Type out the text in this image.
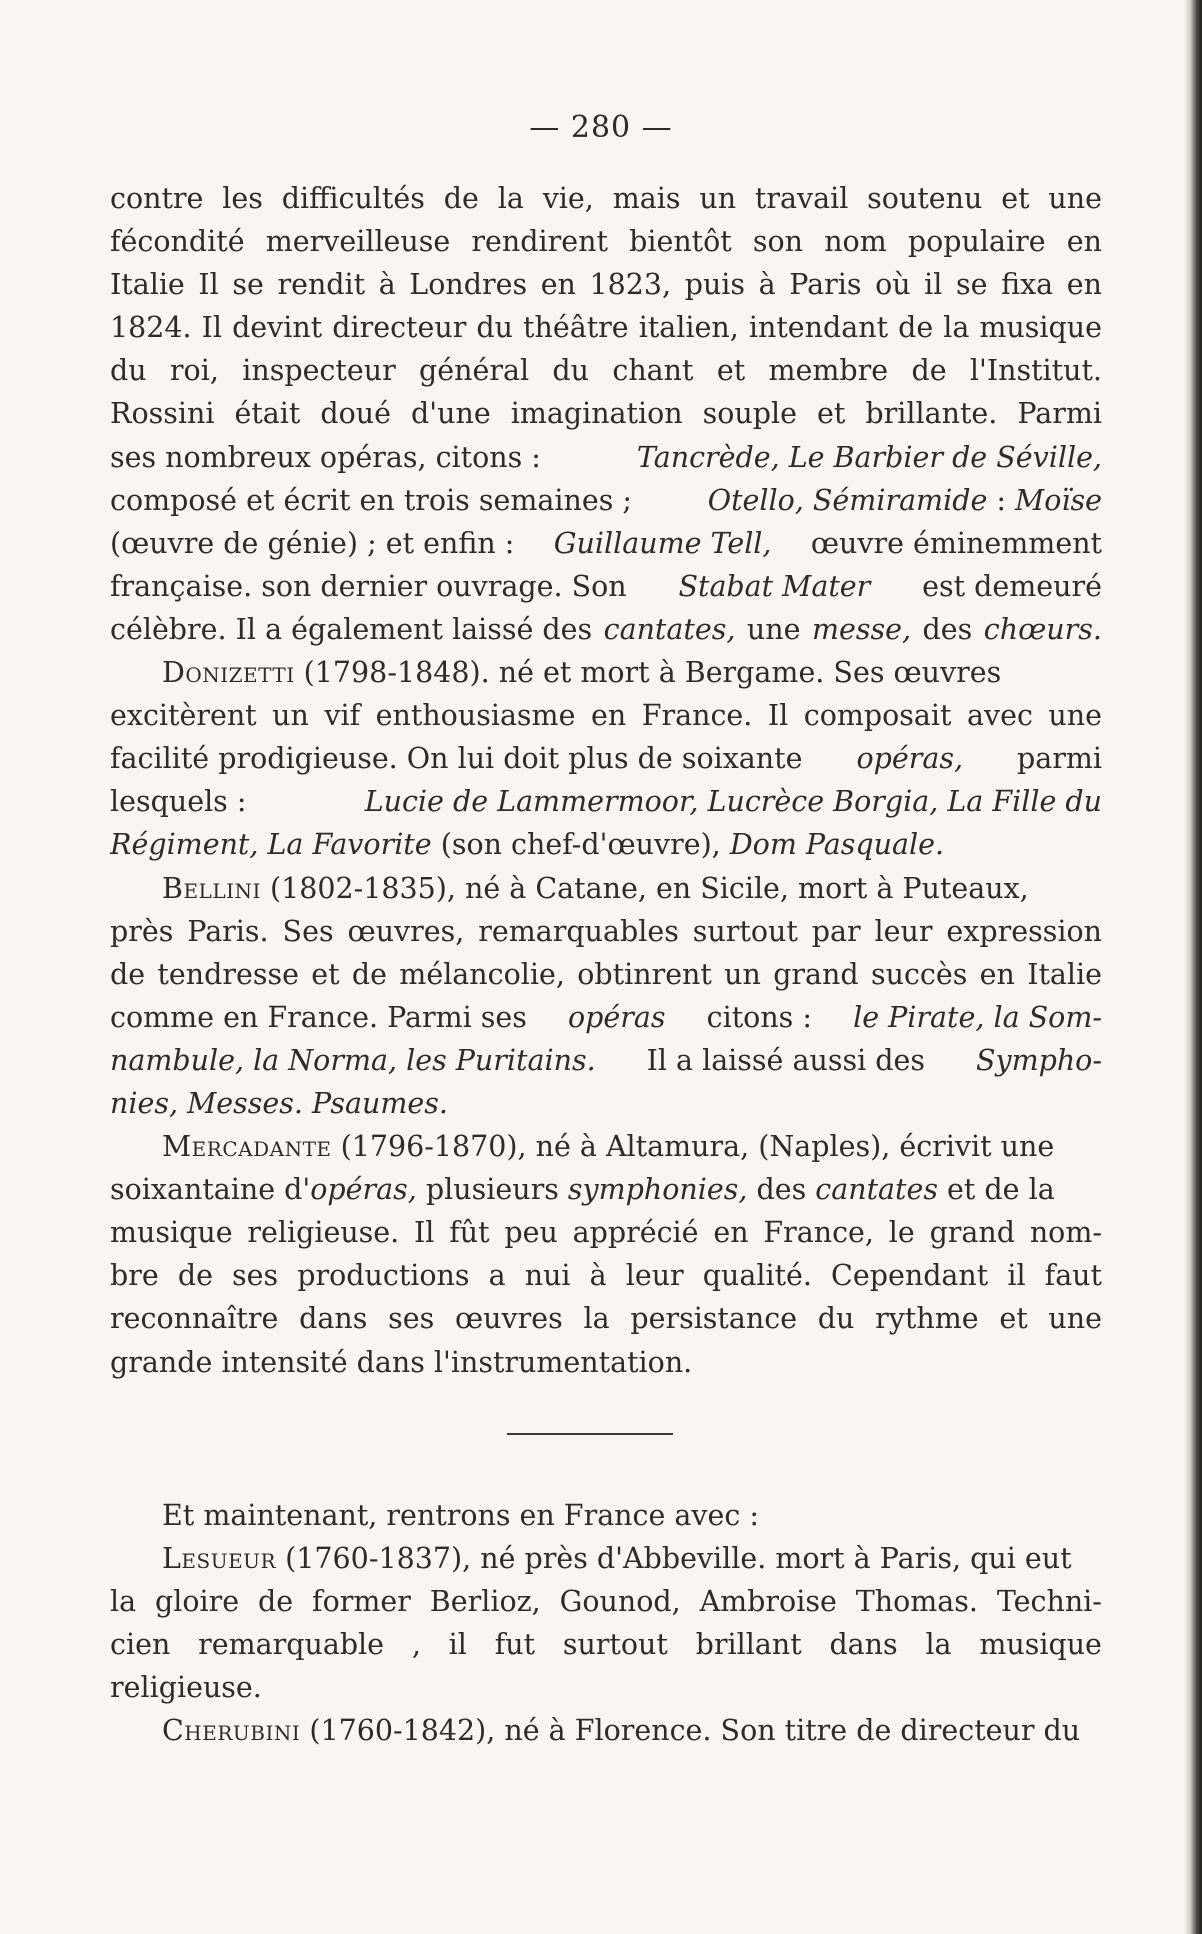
— 280 —
contre les difficultés de la vie, mais un travail soutenu et une
fécondité merveilleuse rendirent bientôt son nom populaire en
Italie Il se rendit à Londres en 1823, puis à Paris où il se fixa en
1824. Il devint directeur du théâtre italien, intendant de la musique
du roi, inspecteur général du chant et membre de l'Institut.
Rossini était doué d'une imagination souple et brillante. Parmi
ses nombreux opéras, citons :	Tancrède, Le Barbier de Séville,
composé et écrit en trois semaines ;	Otello, Sémiramide : Moïse
(œuvre de génie) ; et enfin : Guillaume Tell, œuvre éminemment
française. son dernier ouvrage. Son Stabat Mater est demeuré
célèbre. Il a également laissé des cantates, une messe, des chœurs.
Donizetti (1798-1848). né et mort à Bergame. Ses œuvres
excitèrent un vif enthousiasme en France. Il composait avec une
facilité prodigieuse. On lui doit plus de soixante opéras, parmi
lesquels :	Lucie de Lammermoor, Lucrèce Borgia, La Fille du
Régiment, La Favorite (son chef-d'œuvre), Dom Pasquale.
Bellini (1802-1835), né à Catane, en Sicile, mort à Puteaux,
près Paris. Ses œuvres, remarquables surtout par leur expression
de tendresse et de mélancolie, obtinrent un grand succès en Italie
comme en France. Parmi ses opéras citons : le Pirate, la Som-
nambule, la Norma, les Puritains. Il a laissé aussi des Sympho-
nies, Messes. Psaumes.
Mercadante (1796-1870), né à Altamura, (Naples), écrivit une
soixantaine d'opéras, plusieurs symphonies, des cantates et de la
musique religieuse. Il fût peu apprécié en France, le grand nom-
bre de ses productions a nui à leur qualité. Cependant il faut
reconnaître dans ses œuvres la persistance du rythme et une
grande intensité dans l'instrumentation.
Et maintenant, rentrons en France avec :
Lesueur (1760-1837), né près d'Abbeville. mort à Paris, qui eut
la gloire de former Berlioz, Gounod, Ambroise Thomas. Techni-
cien remarquable , il fut surtout brillant dans la musique
religieuse.
Cherubini (1760-1842), né à Florence. Son titre de directeur du
